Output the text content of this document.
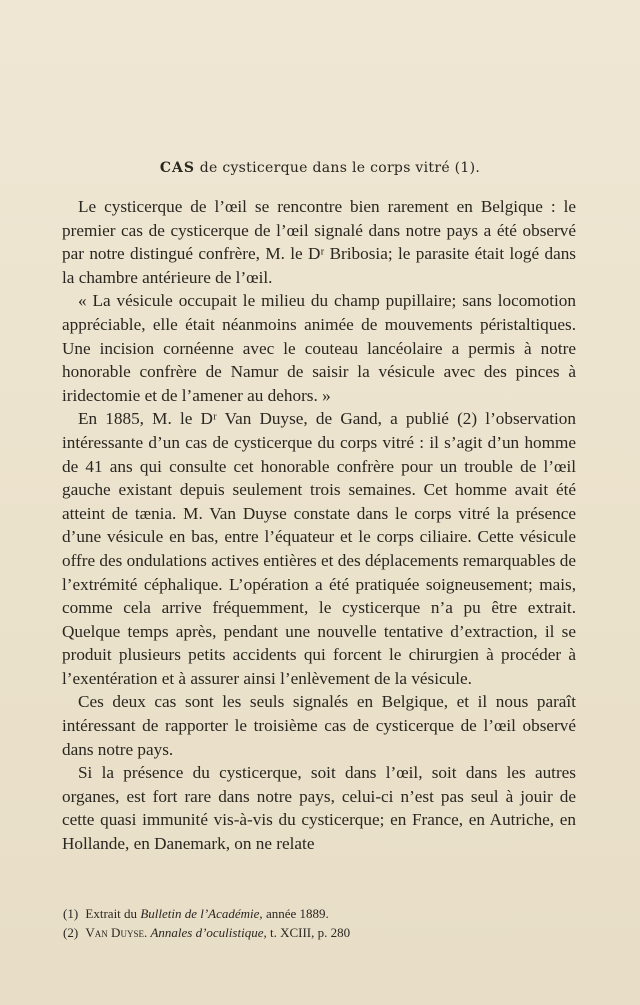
CAS de cysticerque dans le corps vitré (1).

Le cysticerque de l’œil se rencontre bien rarement en Belgique : le premier cas de cysticerque de l’œil signalé dans notre pays a été observé par notre distingué confrère, M. le Dʳ Bribosia; le parasite était logé dans la chambre antérieure de l’œil.

« La vésicule occupait le milieu du champ pupillaire; sans locomotion appréciable, elle était néanmoins animée de mouvements péristaltiques. Une incision cornéenne avec le couteau lancéolaire a permis à notre honorable confrère de Namur de saisir la vésicule avec des pinces à iridectomie et de l’amener au dehors. »

En 1885, M. le Dʳ Van Duyse, de Gand, a publié (2) l’observation intéressante d’un cas de cysticerque du corps vitré : il s’agit d’un homme de 41 ans qui consulte cet honorable confrère pour un trouble de l’œil gauche existant depuis seulement trois semaines. Cet homme avait été atteint de tænia. M. Van Duyse constate dans le corps vitré la présence d’une vésicule en bas, entre l’équateur et le corps ciliaire. Cette vésicule offre des ondulations actives entières et des déplacements remarquables de l’extrémité céphalique. L’opération a été pratiquée soigneusement; mais, comme cela arrive fréquemment, le cysticerque n’a pu être extrait. Quelque temps après, pendant une nouvelle tentative d’extraction, il se produit plusieurs petits accidents qui forcent le chirurgien à procéder à l’exentération et à assurer ainsi l’enlèvement de la vésicule.

Ces deux cas sont les seuls signalés en Belgique, et il nous paraît intéressant de rapporter le troisième cas de cysticerque de l’œil observé dans notre pays.

Si la présence du cysticerque, soit dans l’œil, soit dans les autres organes, est fort rare dans notre pays, celui-ci n’est pas seul à jouir de cette quasi immunité vis-à-vis du cysticerque; en France, en Autriche, en Hollande, en Danemark, on ne relate

(1) Extrait du Bulletin de l’Académie, année 1889.
(2) Van Duyse. Annales d’oculistique, t. XCIII, p. 280
